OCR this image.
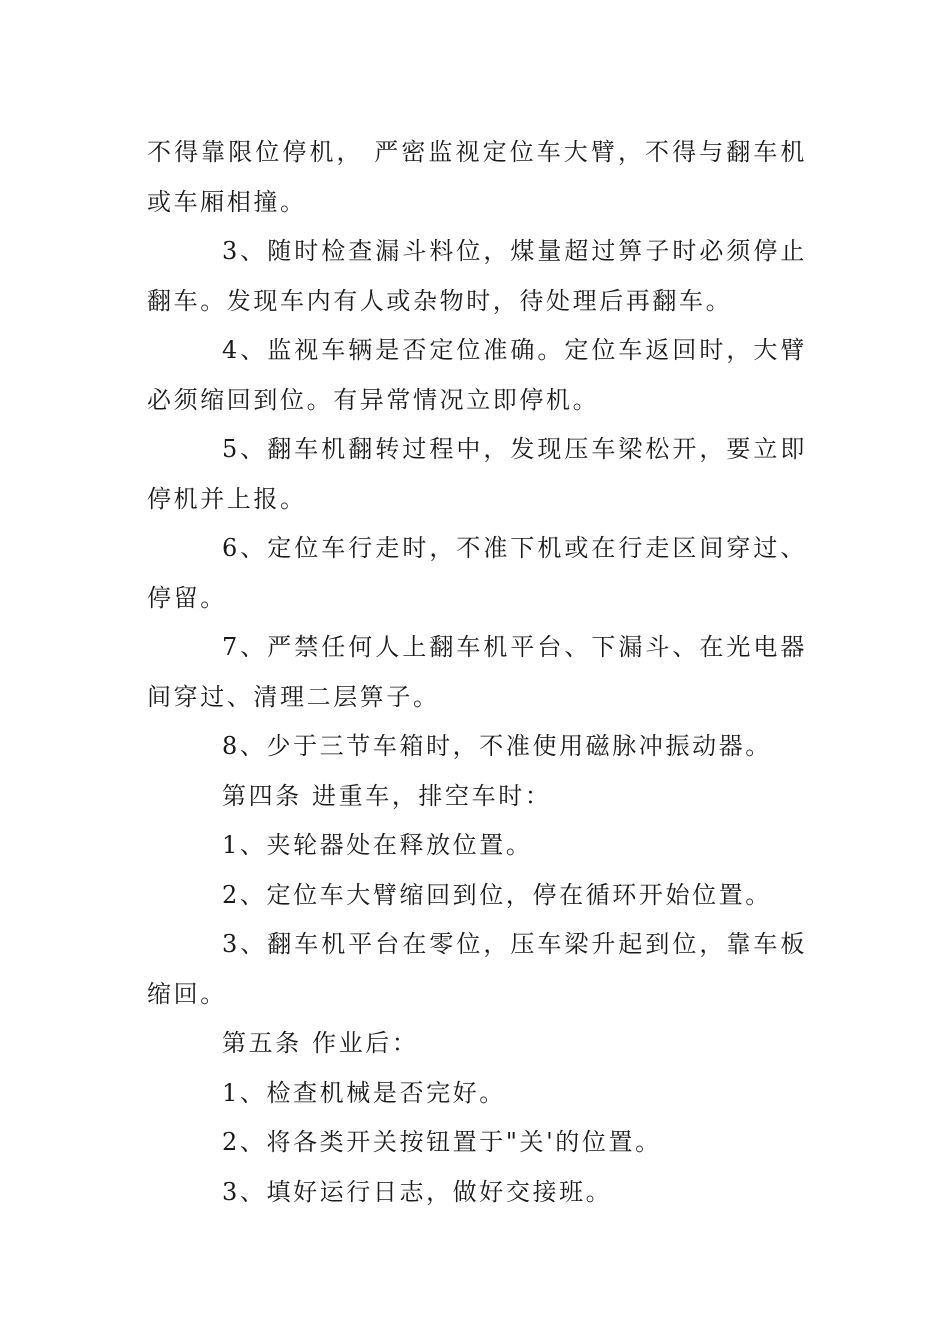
不得靠限位停机， 严密监视定位车大臂，不得与翻车机或车厢相撞。

3、随时检查漏斗料位，煤量超过箅子时必须停止翻车。发现车内有人或杂物时，待处理后再翻车。

4、监视车辆是否定位准确。定位车返回时，大臂必须缩回到位。有异常情况立即停机。

5、翻车机翻转过程中，发现压车梁松开，要立即停机并上报。

6、定位车行走时，不准下机或在行走区间穿过、停留。

7、严禁任何人上翻车机平台、下漏斗、在光电器间穿过、清理二层箅子。

8、少于三节车箱时，不准使用磁脉冲振动器。

第四条 进重车，排空车时：

1、夹轮器处在释放位置。

2、定位车大臂缩回到位，停在循环开始位置。

3、翻车机平台在零位，压车梁升起到位，靠车板缩回。

第五条 作业后：

1、检查机械是否完好。

2、将各类开关按钮置于"关'的位置。

3、填好运行日志，做好交接班。
